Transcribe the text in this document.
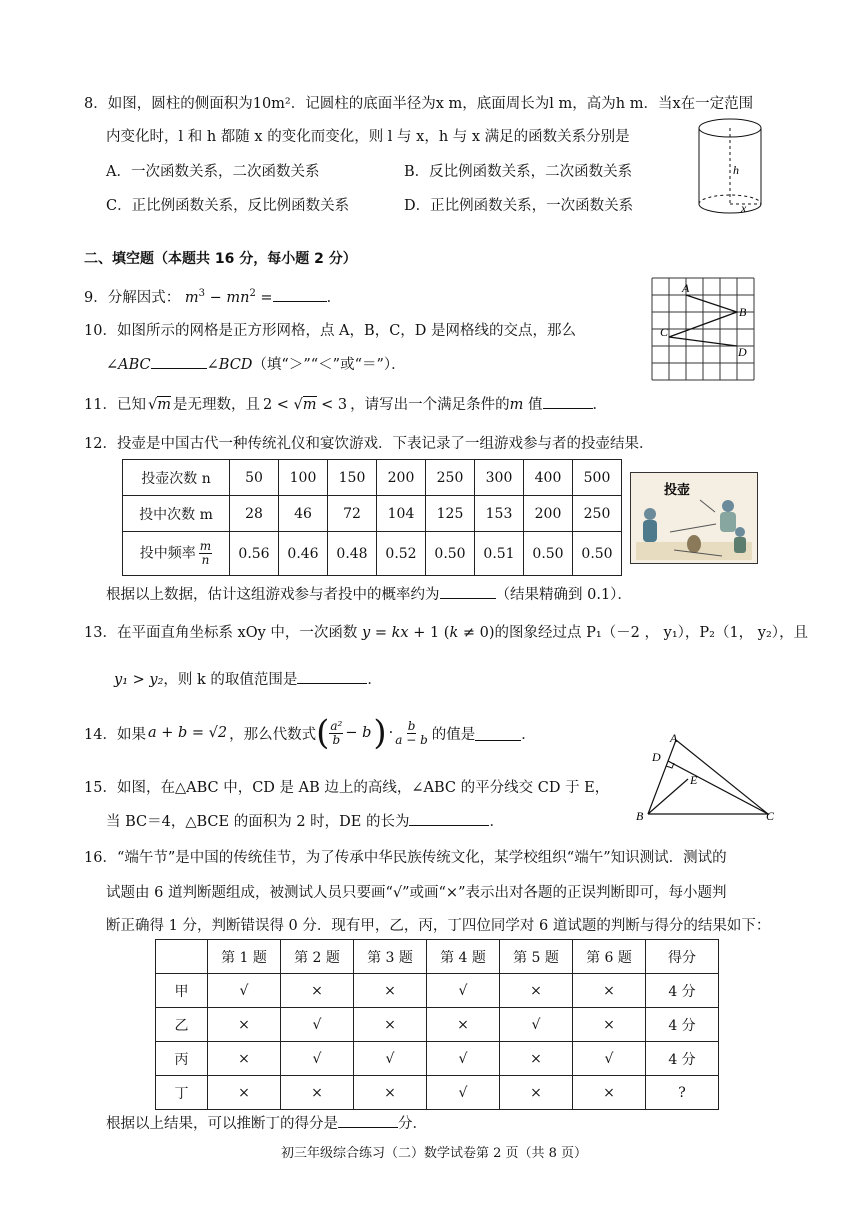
8．如图，圆柱的侧面积为10m²．记圆柱的底面半径为x m，底面周长为l m，高为h m．当x在一定范围
内变化时，l 和 h 都随 x 的变化而变化，则 l 与 x，h 与 x 满足的函数关系分别是
A．一次函数关系，二次函数关系	B．反比例函数关系，二次函数关系
C．正比例函数关系，反比例函数关系	D．正比例函数关系，一次函数关系
h
x
二、填空题（本题共 16 分，每小题 2 分）
9．分解因式： $m^3 - mn^2$ =	．
10．如图所示的网格是正方形网格，点 A，B，C，D 是网格线的交点，那么
∠ABC	∠BCD（填“＞”“＜”或“＝”）．
A
B
C
D
11．已知 √m 是无理数，且 2 < √m < 3 ，请写出一个满足条件的m 值	．
12．投壶是中国古代一种传统礼仪和宴饮游戏．下表记录了一组游戏参与者的投壶结果．
投壶次数 n	50	100	150	200	250	300	400	500
投中次数 m	28	46	72	104	125	153	200	250
投中频率 $\frac{m}{n}$	0.56	0.46	0.48	0.52	0.50	0.51	0.50	0.50
投壶
根据以上数据，估计这组游戏参与者投中的概率约为	（结果精确到 0.1）．
13．在平面直角坐标系 xOy 中，一次函数 y = kx + 1 (k ≠ 0)的图象经过点 P₁（－2 ， y₁），P₂（1， y₂），且
y₁ > y₂，则 k 的取值范围是	．
14． 如果 a + b = √2 ，那么代数式 ( $\frac{\text{a²}}{b} - b$ ) · $\frac{b}{a - b}$ 的值是	．	A
B	C
D
E
15．如图，在△ABC 中，CD 是 AB 边上的高线，∠ABC 的平分线交 CD 于 E，
当 BC＝4，△BCE 的面积为 2 时，DE 的长为	．
16．“端午节”是中国的传统佳节，为了传承中华民族传统文化，某学校组织“端午”知识测试．测试的
试题由 6 道判断题组成，被测试人员只要画“√”或画“×”表示出对各题的正误判断即可，每小题判
断正确得 1 分，判断错误得 0 分．现有甲，乙，丙，丁四位同学对 6 道试题的判断与得分的结果如下：
	第 1 题	第 2 题	第 3 题	第 4 题	第 5 题	第 6 题	得分
甲	√	×	×	√	×	×	4 分
乙	×	√	×	×	√	×	4 分
丙	×	√	√	√	×	√	4 分
丁	×	×	×	√	×	×	?
根据以上结果，可以推断丁的得分是	分．
初三年级综合练习（二）数学试卷第 2 页（共 8 页）
